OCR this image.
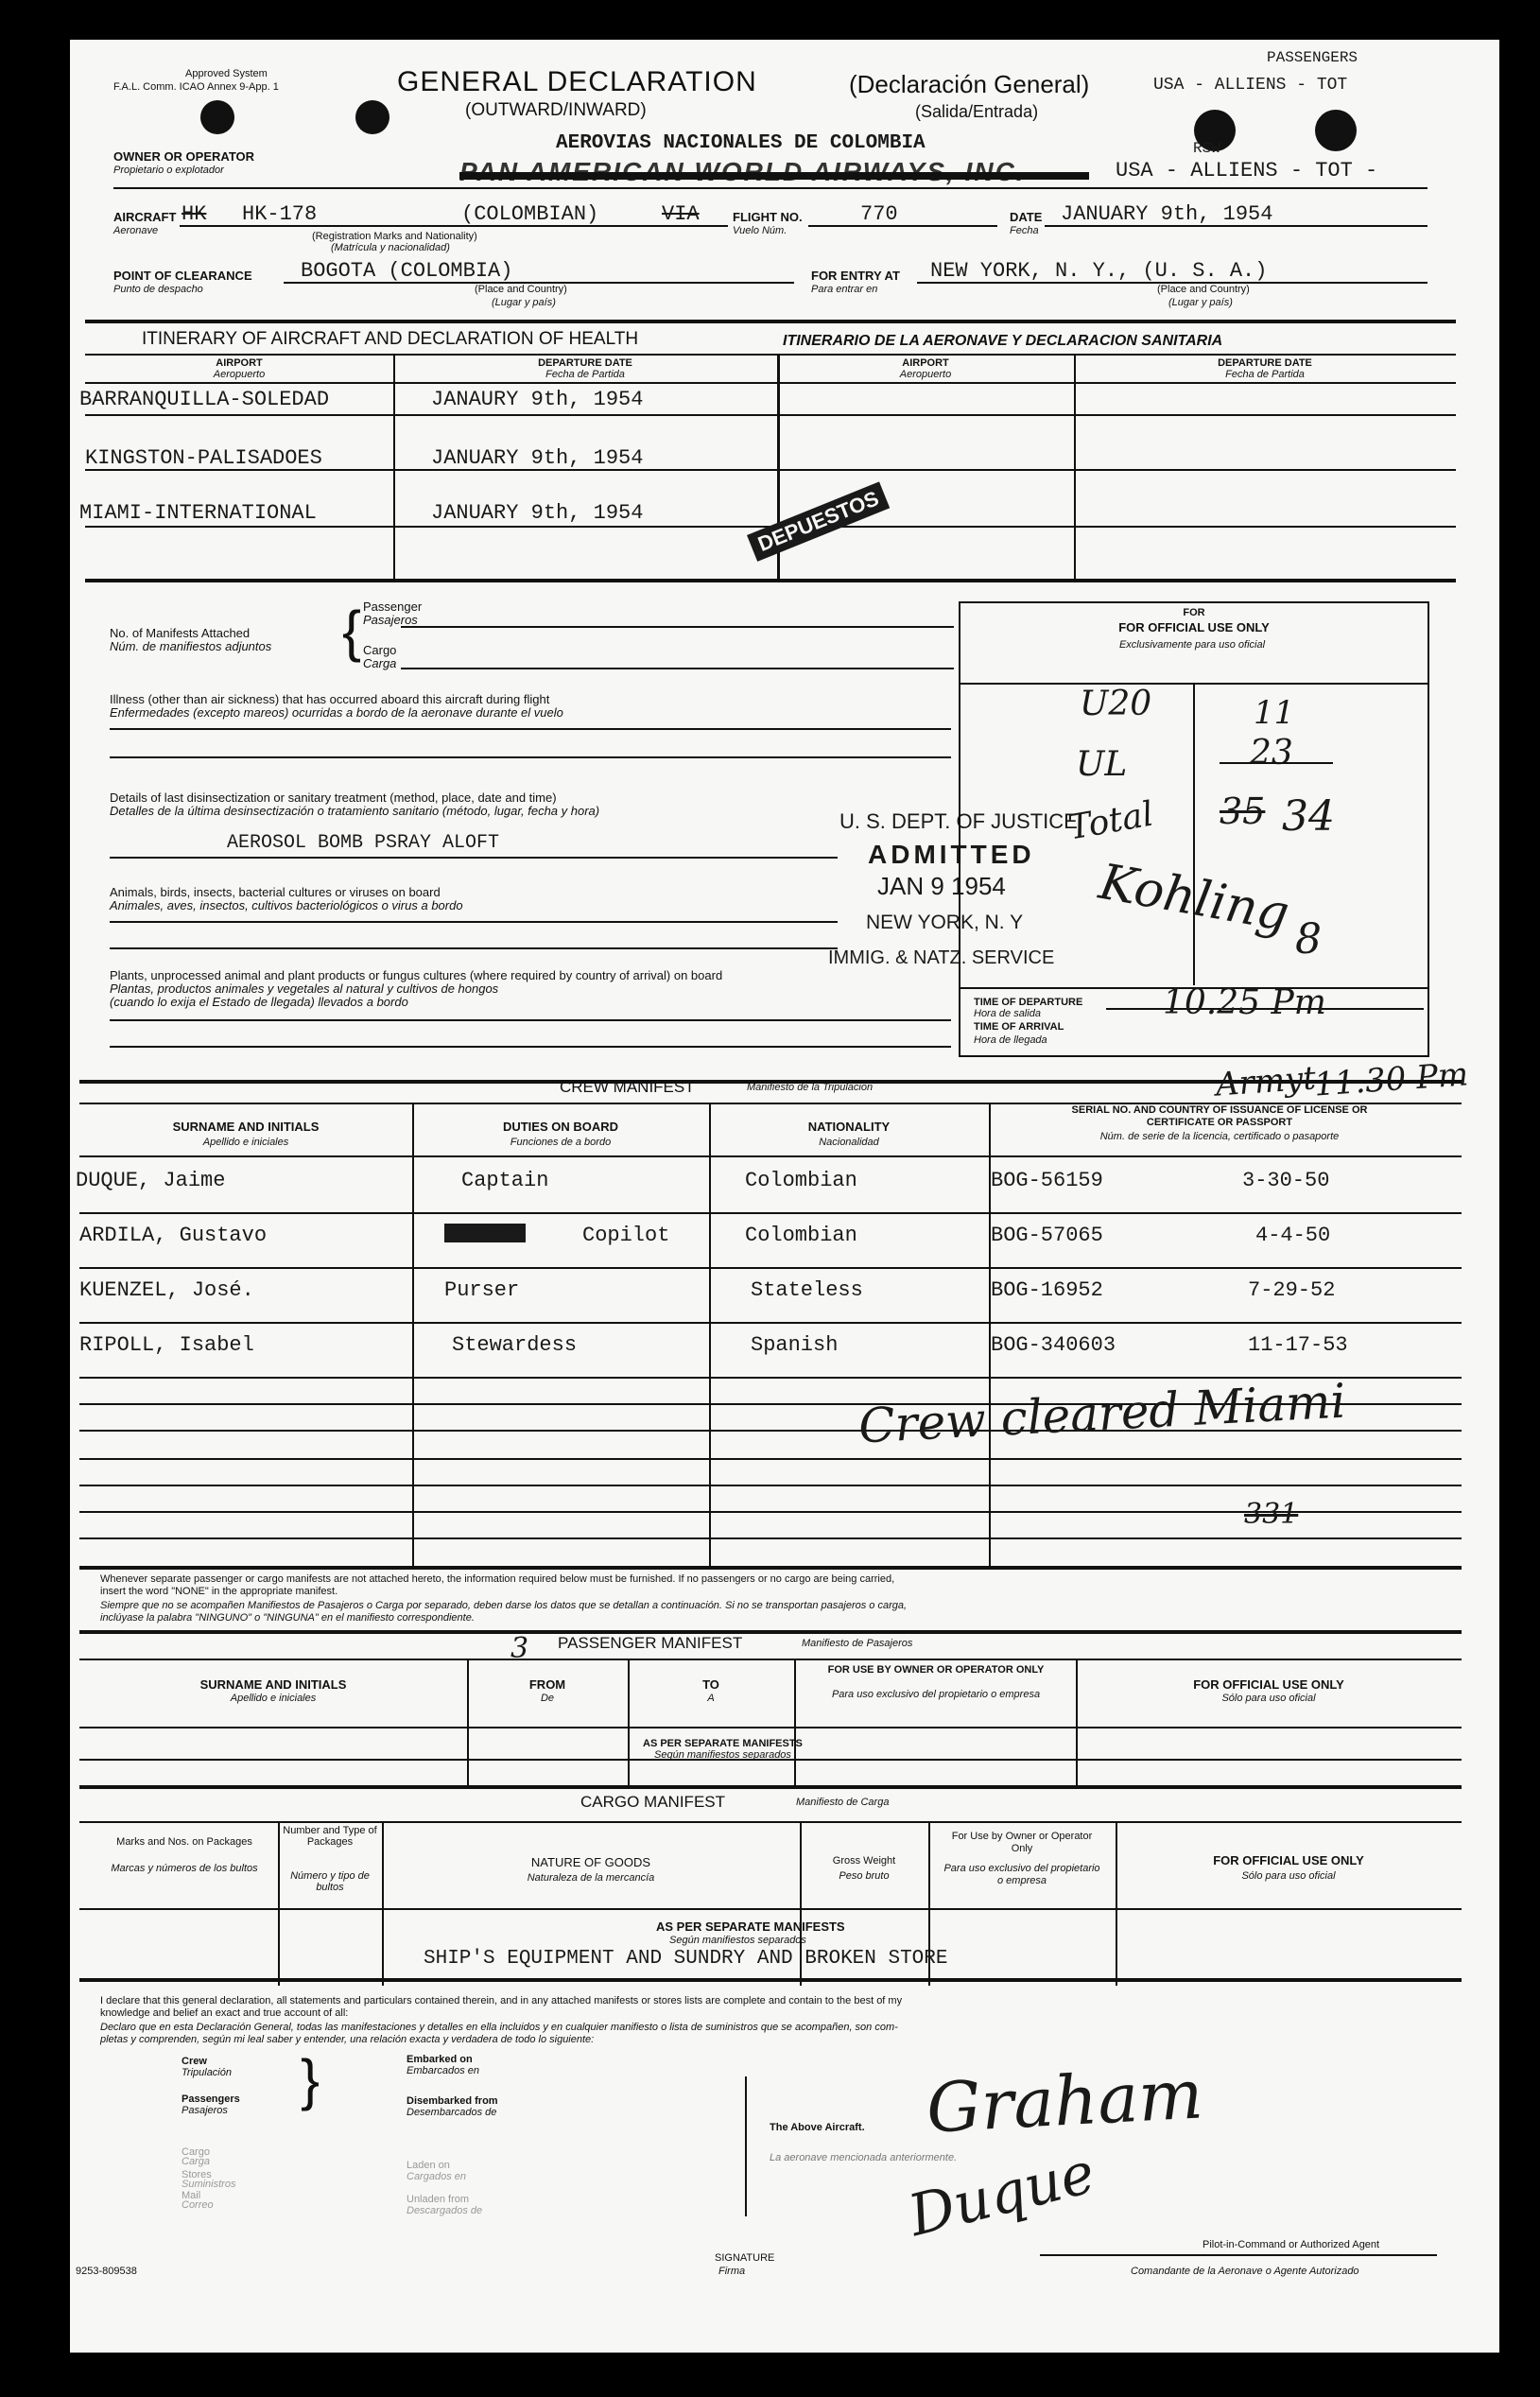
Approved System
F.A.L. Comm. ICAO Annex 9-App. 1	GENERAL DECLARATION
(OUTWARD/INWARD)
(Declaración General)
(Salida/Entrada)
USA - ALLIENS - TOT
PASSENGERS
RSW
AEROVIAS NACIONALES DE COLOMBIA
PAN AMERICAN WORLD AIRWAYS, INC.	USA - ALLIENS - TOT -
OWNER OR OPERATOR
Propietario o explotador
AIRCRAFT
Aeronave
HK HK-178	(COLOMBIAN)	VIA	FLIGHT NO.
Vuelo Núm.
770	DATE
Fecha
JANUARY 9th, 1954
(Registration Marks and Nationality)
(Matrícula y nacionalidad)
POINT OF CLEARANCE
Punto de despacho
BOGOTA (COLOMBIA)
(Place and Country)
(Lugar y país)
FOR ENTRY AT
Para entrar en
NEW YORK, N. Y., (U. S. A.)
(Place and Country)
(Lugar y país)
ITINERARY OF AIRCRAFT AND DECLARATION OF HEALTH	ITINERARIO DE LA AERONAVE Y DECLARACION SANITARIA
AIRPORT
Aeropuerto
DEPARTURE DATE
Fecha de Partida
AIRPORT
Aeropuerto
DEPARTURE DATE
Fecha de Partida
BARRANQUILLA-SOLEDAD	JANAURY 9th, 1954
KINGSTON-PALISADOES	JANUARY 9th, 1954
MIAMI-INTERNATIONAL	JANUARY 9th, 1954	DEPUESTOS
No. of Manifests Attached
Núm. de manifiestos adjuntos { Passenger
Pasajeros
Cargo
Carga
Illness (other than air sickness) that has occurred aboard this aircraft during flight
Enfermedades (excepto mareos) ocurridas a bordo de la aeronave durante el vuelo
Details of last disinsectization or sanitary treatment (method, place, date and time)
Detalles de la última desinsectización o tratamiento sanitario (método, lugar, fecha y hora)
AEROSOL BOMB PSRAY ALOFT
Animals, birds, insects, bacterial cultures or viruses on board
Animales, aves, insectos, cultivos bacteriológicos o virus a bordo
Plants, unprocessed animal and plant products or fungus cultures (where required by country of arrival) on board
Plantas, productos animales y vegetales al natural y cultivos de hongos
(cuando lo exija el Estado de llegada) llevados a bordo
U. S. DEPT. OF JUSTICE
ADMITTED
JAN 9 1954
NEW YORK, N. Y
IMMIG. & NATZ. SERVICE
FOR
FOR OFFICIAL USE ONLY
Exclusivamente para uso oficial
U20
UL
Total
11
23
35 34
Kohling 8
TIME OF DEPARTURE
Hora de salida
TIME OF ARRIVAL
Hora de llegada
10.25 Pm
Armyt
11.30 Pm
CREW MANIFEST	Manifiesto de la Tripulacion
SURNAME AND INITIALS
Apellido e iniciales
DUTIES ON BOARD
Funciones de a bordo
NATIONALITY
Nacionalidad
SERIAL NO. AND COUNTRY OF ISSUANCE OF LICENSE OR CERTIFICATE OR PASSPORT
Núm. de serie de la licencia, certificado o pasaporte
DUQUE, Jaime	Captain	Colombian	BOG-56159	3-30-50
ARDILA, Gustavo	XXXXXXXX	Copilot	Colombian	BOG-57065	4-4-50
KUENZEL, José.	Purser	Stateless	BOG-16952	7-29-52
RIPOLL, Isabel	Stewardess	Spanish	BOG-340603	11-17-53
Crew cleared Miami
331
Whenever separate passenger or cargo manifests are not attached hereto, the information required below must be furnished. If no passengers or no cargo are being carried,
insert the word "NONE" in the appropriate manifest.
Siempre que no se acompañen Manifiestos de Pasajeros o Carga por separado, deben darse los datos que se detallan a continuación. Si no se transportan pasajeros o carga,
inclúyase la palabra "NINGUNO" o "NINGUNA" en el manifiesto correspondiente.
PASSENGER MANIFEST	Manifiesto de Pasajeros
3
SURNAME AND INITIALS
Apellido e iniciales
FROM
De
TO
A
FOR USE BY OWNER OR OPERATOR ONLY
Para uso exclusivo del propietario o empresa
FOR OFFICIAL USE ONLY
Sólo para uso oficial
AS PER SEPARATE MANIFESTS
Según manifiestos separados
CARGO MANIFEST	Manifiesto de Carga
Marks and Nos. on Packages
Marcas y números de los bultos
Number and Type of Packages
Número y tipo de bultos
NATURE OF GOODS
Naturaleza de la mercancía
Gross Weight
Peso bruto
For Use by Owner or Operator Only
Para uso exclusivo del propietario o empresa
FOR OFFICIAL USE ONLY
Sólo para uso oficial
AS PER SEPARATE MANIFESTS
Según manifiestos separados
SHIP'S EQUIPMENT AND SUNDRY AND BROKEN STORE
I declare that this general declaration, all statements and particulars contained therein, and in any attached manifests or stores lists are complete and contain to the best of my
knowledge and belief an exact and true account of all:
Declaro que en esta Declaración General, todas las manifestaciones y detalles en ella incluidos y en cualquier manifiesto o lista de suministros que se acompañen, son com-
pletas y comprenden, según mi leal saber y entender, una relación exacta y verdadera de todo lo siguiente:
Crew
Tripulación
Passengers
Pasajeros }	Embarked on
Embarcados en
Disembarked from
Desembarcados de
Cargo
Carga
Stores
Suministros
Mail
Correo
Laden on
Cargados en
Unladen from
Descargados de
The Above Aircraft.
La aeronave mencionada anteriormente.
Graham
Duque
SIGNATURE
Firma
Pilot-in-Command or Authorized Agent
Comandante de la Aeronave o Agente Autorizado
9253-809538
